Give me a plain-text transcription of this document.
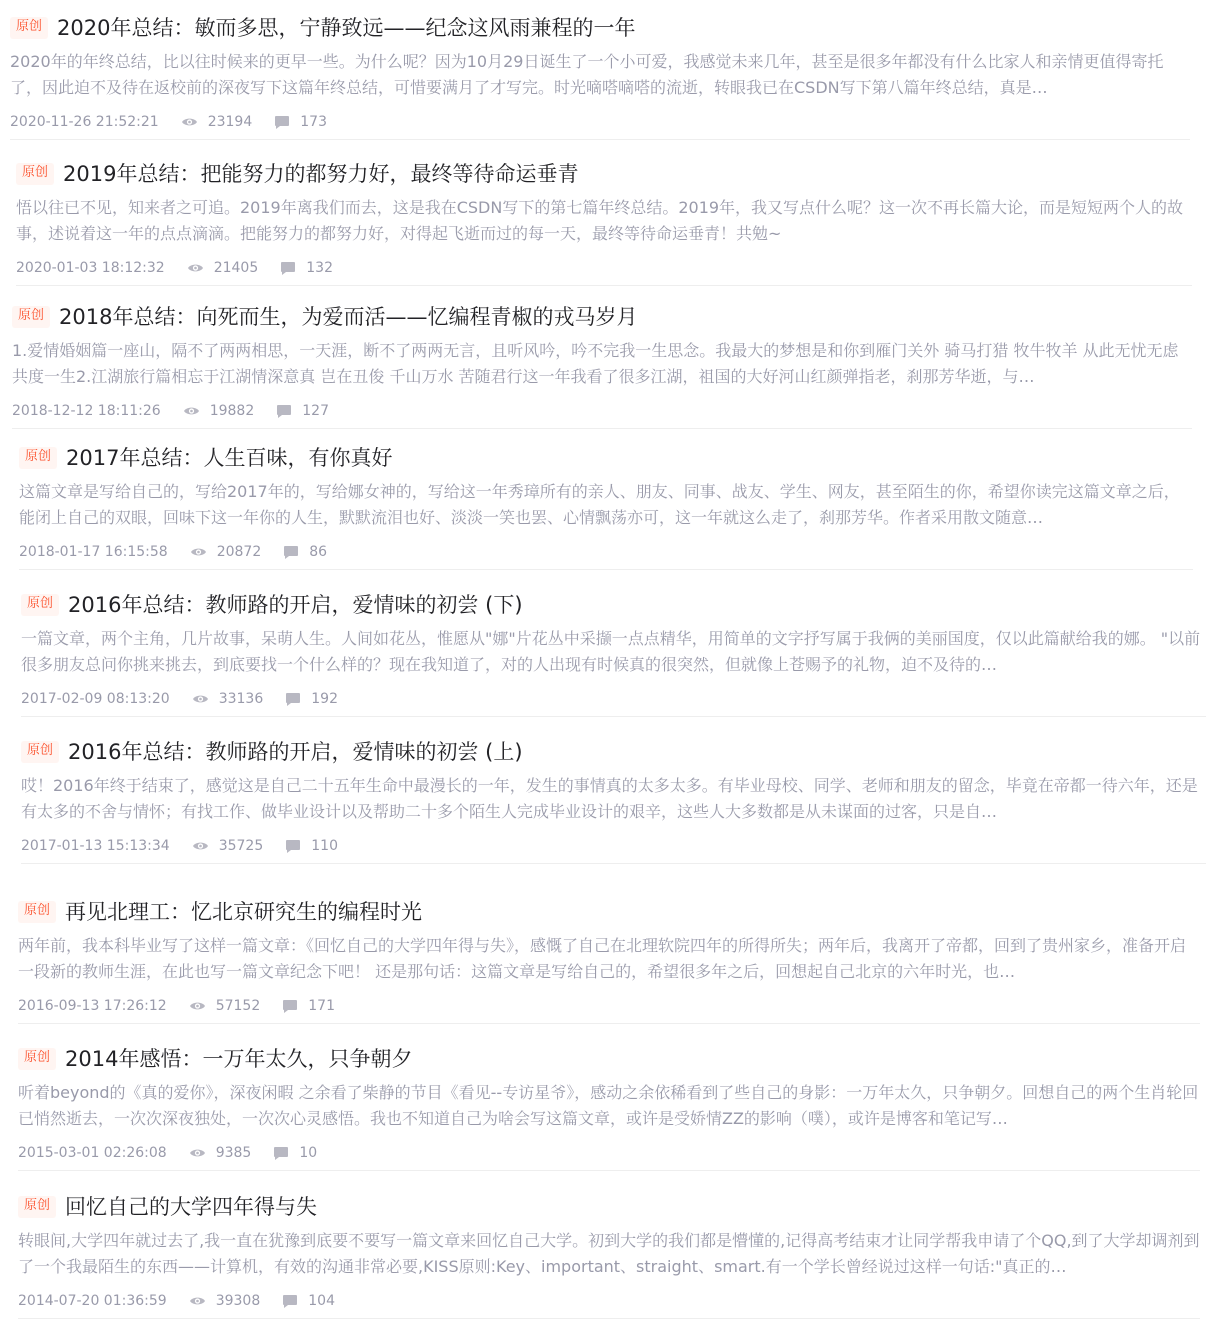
原创 2020年总结：敏而多思，宁静致远——纪念这风雨兼程的一年
2020年的年终总结，比以往时候来的更早一些。为什么呢？因为10月29日诞生了一个小可爱，我感觉未来几年，甚至是很多年都没有什么比家人和亲情更值得寄托了，因此迫不及待在返校前的深夜写下这篇年终总结，可惜要满月了才写完。时光嘀嗒嘀嗒的流逝，转眼我已在CSDN写下第八篇年终总结，真是…
2020-11-26 21:52:21	23194	173
原创 2019年总结：把能努力的都努力好，最终等待命运垂青
悟以往已不见，知来者之可追。2019年离我们而去，这是我在CSDN写下的第七篇年终总结。2019年，我又写点什么呢？这一次不再长篇大论，而是短短两个人的故事，述说着这一年的点点滴滴。把能努力的都努力好，对得起飞逝而过的每一天，最终等待命运垂青！共勉~
2020-01-03 18:12:32	21405	132
原创 2018年总结：向死而生，为爱而活——忆编程青椒的戎马岁月
1.爱情婚姻篇一座山，隔不了两两相思，一天涯，断不了两两无言，且听风吟，吟不完我一生思念。我最大的梦想是和你到雁门关外 骑马打猎 牧牛牧羊 从此无忧无虑 共度一生2.江湖旅行篇相忘于江湖情深意真 岂在丑俊 千山万水 苦随君行这一年我看了很多江湖，祖国的大好河山红颜弹指老，刹那芳华逝，与…
2018-12-12 18:11:26	19882	127
原创 2017年总结：人生百味，有你真好
这篇文章是写给自己的，写给2017年的，写给娜女神的，写给这一年秀璋所有的亲人、朋友、同事、战友、学生、网友，甚至陌生的你，希望你读完这篇文章之后，能闭上自己的双眼，回味下这一年你的人生，默默流泪也好、淡淡一笑也罢、心情飘荡亦可，这一年就这么走了，刹那芳华。作者采用散文随意…
2018-01-17 16:15:58	20872	86
原创 2016年总结：教师路的开启，爱情味的初尝 (下)
一篇文章，两个主角，几片故事，呆萌人生。人间如花丛，惟愿从"娜"片花丛中采撷一点点精华，用简单的文字抒写属于我俩的美丽国度，仅以此篇献给我的娜。 "以前很多朋友总问你挑来挑去，到底要找一个什么样的？现在我知道了，对的人出现有时候真的很突然，但就像上苍赐予的礼物，迫不及待的…
2017-02-09 08:13:20	33136	192
原创 2016年总结：教师路的开启，爱情味的初尝 (上)
哎！2016年终于结束了，感觉这是自己二十五年生命中最漫长的一年，发生的事情真的太多太多。有毕业母校、同学、老师和朋友的留念，毕竟在帝都一待六年，还是有太多的不舍与情怀；有找工作、做毕业设计以及帮助二十多个陌生人完成毕业设计的艰辛，这些人大多数都是从未谋面的过客，只是自…
2017-01-13 15:13:34	35725	110
原创 再见北理工：忆北京研究生的编程时光
两年前，我本科毕业写了这样一篇文章：《回忆自己的大学四年得与失》，感慨了自己在北理软院四年的所得所失；两年后，我离开了帝都，回到了贵州家乡，准备开启一段新的教师生涯，在此也写一篇文章纪念下吧！ 还是那句话：这篇文章是写给自己的，希望很多年之后，回想起自己北京的六年时光，也…
2016-09-13 17:26:12	57152	171
原创 2014年感悟：一万年太久，只争朝夕
听着beyond的《真的爱你》，深夜闲暇 之余看了柴静的节目《看见--专访星爷》，感动之余依稀看到了些自己的身影：一万年太久，只争朝夕。回想自己的两个生肖轮回已悄然逝去，一次次深夜独处，一次次心灵感悟。我也不知道自己为啥会写这篇文章，或许是受娇情ZZ的影响（噗），或许是博客和笔记写…
2015-03-01 02:26:08	9385	10
原创 回忆自己的大学四年得与失
转眼间,大学四年就过去了,我一直在犹豫到底要不要写一篇文章来回忆自己大学。初到大学的我们都是懵懂的,记得高考结束才让同学帮我申请了个QQ,到了大学却调剂到了一个我最陌生的东西——计算机，有效的沟通非常必要,KISS原则:Key、important、straight、smart.有一个学长曾经说过这样一句话:"真正的…
2014-07-20 01:36:59	39308	104
